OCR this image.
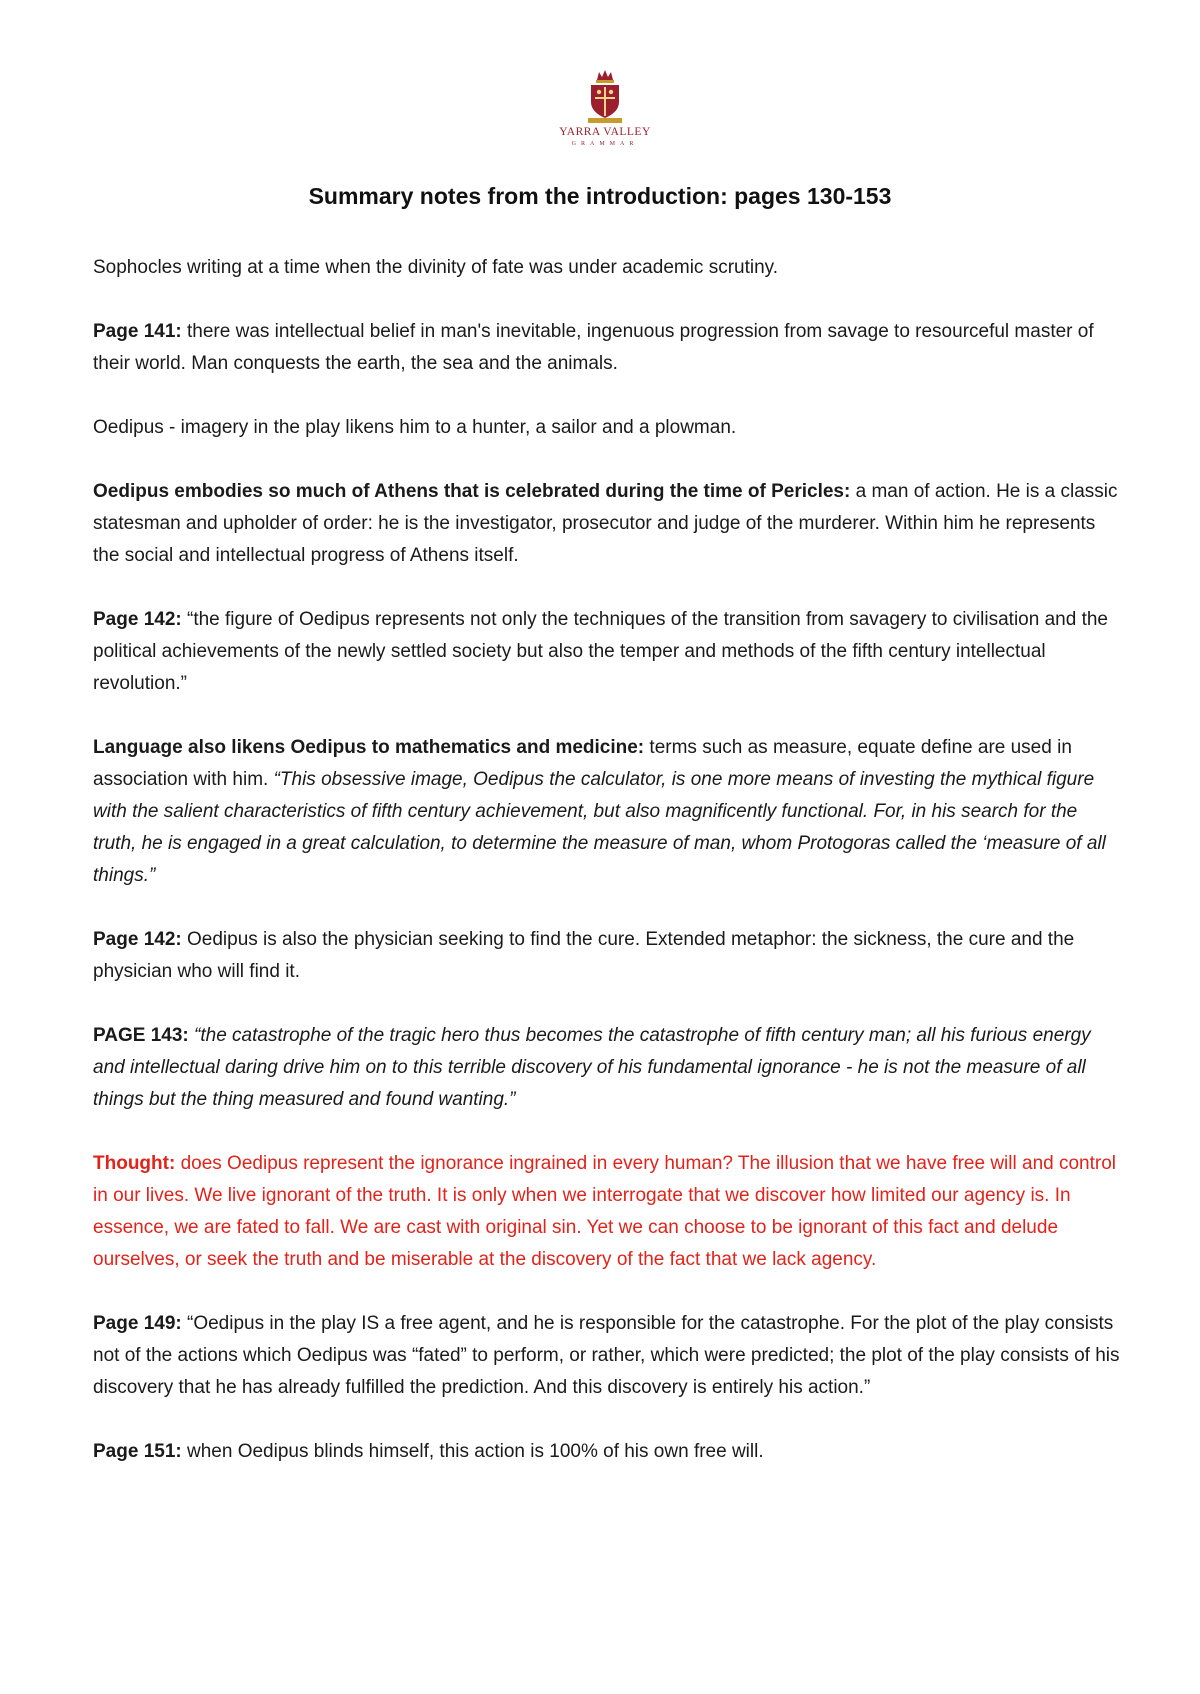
YARRA VALLEY
GRAMMAR
Summary notes from the introduction: pages 130-153

Sophocles writing at a time when the divinity of fate was under academic scrutiny.

Page 141: there was intellectual belief in man's inevitable, ingenuous progression from savage to resourceful master of their world. Man conquests the earth, the sea and the animals.

Oedipus - imagery in the play likens him to a hunter, a sailor and a plowman.

Oedipus embodies so much of Athens that is celebrated during the time of Pericles: a man of action. He is a classic statesman and upholder of order: he is the investigator, prosecutor and judge of the murderer. Within him he represents the social and intellectual progress of Athens itself.

Page 142: “the figure of Oedipus represents not only the techniques of the transition from savagery to civilisation and the political achievements of the newly settled society but also the temper and methods of the fifth century intellectual revolution.”

Language also likens Oedipus to mathematics and medicine: terms such as measure, equate define are used in association with him. “This obsessive image, Oedipus the calculator, is one more means of investing the mythical figure with the salient characteristics of fifth century achievement, but also magnificently functional. For, in his search for the truth, he is engaged in a great calculation, to determine the measure of man, whom Protogoras called the ‘measure of all things.”

Page 142: Oedipus is also the physician seeking to find the cure. Extended metaphor: the sickness, the cure and the physician who will find it.

PAGE 143: “the catastrophe of the tragic hero thus becomes the catastrophe of fifth century man; all his furious energy and intellectual daring drive him on to this terrible discovery of his fundamental ignorance - he is not the measure of all things but the thing measured and found wanting.”

Thought: does Oedipus represent the ignorance ingrained in every human? The illusion that we have free will and control in our lives. We live ignorant of the truth. It is only when we interrogate that we discover how limited our agency is. In essence, we are fated to fall. We are cast with original sin. Yet we can choose to be ignorant of this fact and delude ourselves, or seek the truth and be miserable at the discovery of the fact that we lack agency.

Page 149: “Oedipus in the play IS a free agent, and he is responsible for the catastrophe. For the plot of the play consists not of the actions which Oedipus was “fated” to perform, or rather, which were predicted; the plot of the play consists of his discovery that he has already fulfilled the prediction. And this discovery is entirely his action.”

Page 151: when Oedipus blinds himself, this action is 100% of his own free will.
